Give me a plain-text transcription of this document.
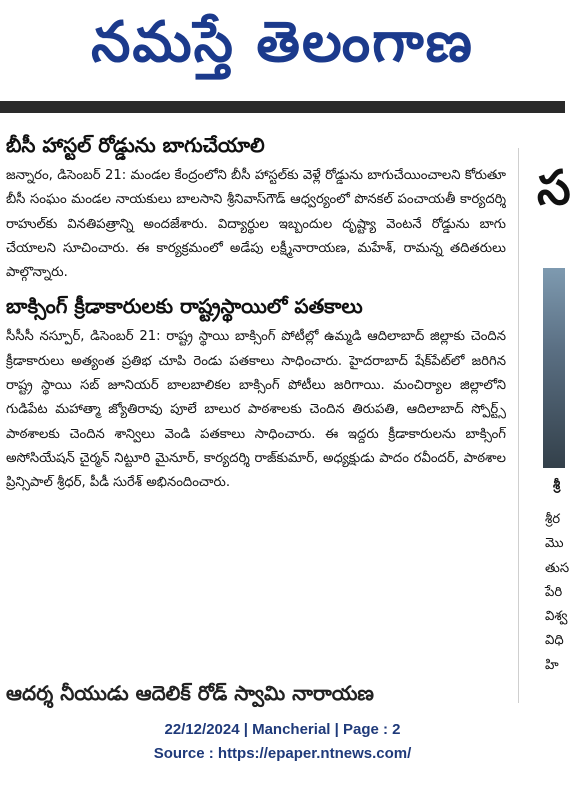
నమస్తే తెలంగాణ
బీసీ హాస్టల్ రోడ్డును బాగుచేయాలి
జన్నారం, డిసెంబర్ 21: మండల కేంద్రంలోని బీసీ హాస్టల్‌కు వెళ్లే రోడ్డును బాగుచేయించాలని కోరుతూ బీసీ సంఘం మండల నాయకులు బాలసాని శ్రీనివాస్‌గౌడ్ ఆధ్వర్యంలో పొనకల్ పంచాయతీ కార్యదర్శి రాహుల్‌కు వినతిపత్రాన్ని అందజేశారు. విద్యార్థుల ఇబ్బందుల దృష్ట్యా వెంటనే రోడ్డును బాగు చేయాలని సూచించారు. ఈ కార్యక్రమంలో అడేపు లక్ష్మీనారాయణ, మహేశ్, రామన్న తదితరులు పాల్గొన్నారు.
బాక్సింగ్ క్రీడాకారులకు రాష్ట్రస్థాయిలో పతకాలు
సీసీసీ నస్పూర్, డిసెంబర్ 21: రాష్ట్ర స్థాయి బాక్సింగ్ పోటీల్లో ఉమ్మడి ఆదిలాబాద్ జిల్లాకు చెందిన క్రీడాకారులు అత్యంత ప్రతిభ చూపి రెండు పతకాలు సాధించారు. హైదరాబాద్ షేక్‌పేట్‌లో జరిగిన రాష్ట్ర స్థాయి సబ్ జూనియర్ బాలబాలికల బాక్సింగ్ పోటీలు జరిగాయి. మంచిర్యాల జిల్లాలోని గుడిపేట మహాత్మా జ్యోతిరావు పూలే బాలుర పాఠశాలకు చెందిన తిరుపతి, ఆదిలాబాద్ స్పోర్ట్స్ పాఠశాలకు చెందిన శాన్విలు వెండి పతకాలు సాధించారు. ఈ ఇద్దరు క్రీడాకారులను బాక్సింగ్ అసోసియేషన్ చైర్మన్ నిట్టూరి మైనూర్, కార్యదర్శి రాజ్‌కుమార్, అధ్యక్షుడు పాదం రవీందర్, పాఠశాల ప్రిన్సిపాల్ శ్రీధర్, పీడీ సురేశ్ అభినందించారు.
ఆదర్శ నీయుడు ఆదెలిక్ రోడ్ స్వామి నారాయణ
స
శ్రీ
శ్రీర
మొ
తుస
పేరి
విశ్వ
విధి
హి
22/12/2024 | Mancherial | Page : 2
Source : https://epaper.ntnews.com/
